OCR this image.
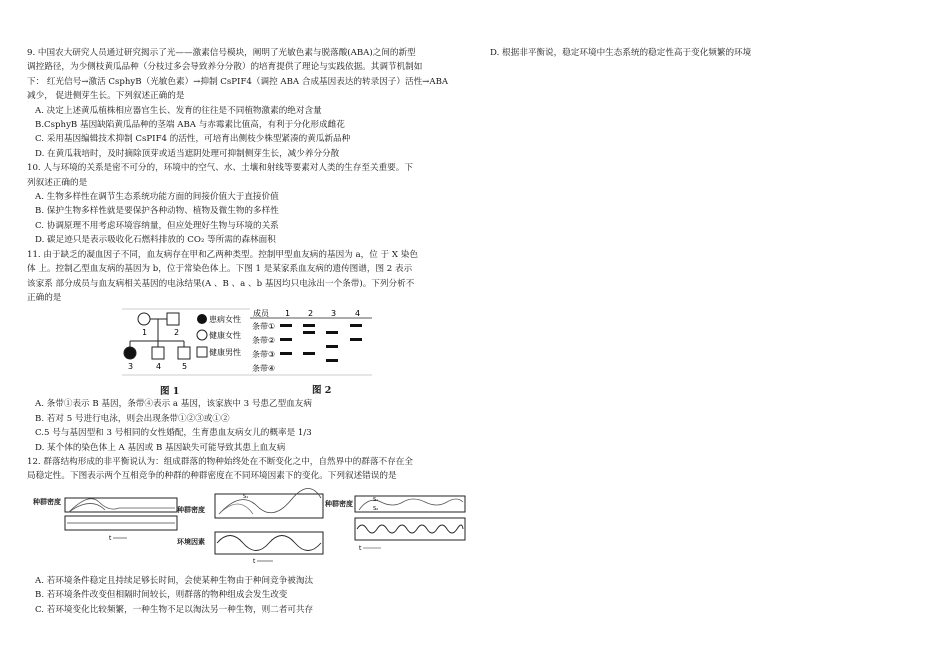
9. 中国农大研究人员通过研究揭示了光——激素信号模块，阐明了光敏色素与脱落酸(ABA)之间的新型

调控路径，为少侧枝黄瓜品种（分枝过多会导致养分分散）的培育提供了理论与实践依据。其调节机制如

下： 红光信号→激活 CsphyB（光敏色素）→抑制 CsPIF4（调控 ABA 合成基因表达的转录因子）活性→ABA

减少， 促进侧芽生长。下列叙述正确的是

A. 决定上述黄瓜植株相应器官生长、发育的往往是不同植物激素的绝对含量

B.CsphyB 基因缺陷黄瓜品种的茎端 ABA 与赤霉素比值高，有利于分化形成雌花

C. 采用基因编辑技术抑制 CsPIF4 的活性，可培育出侧枝少株型紧凑的黄瓜新品种

D. 在黄瓜栽培时，及时摘除顶芽或适当遮阴处理可抑制侧芽生长，减少养分分散

10. 人与环境的关系是密不可分的，环境中的空气、水、土壤和射线等要素对人类的生存至关重要。下

列叙述正确的是

A. 生物多样性在调节生态系统功能方面的间接价值大于直接价值

B. 保护生物多样性就是要保护各种动物、植物及微生物的多样性

C. 协调原理不用考虑环境容纳量，但应处理好生物与环境的关系

D. 碳足迹只是表示吸收化石燃料排放的 CO₂ 等所需的森林面积

11. 由于缺乏的凝血因子不同，血友病存在甲和乙两种类型。控制甲型血友病的基因为 a，位 于 X 染色

体 上。控制乙型血友病的基因为 b，位于常染色体上。下图 1 是某家系血友病的遗传图谱，图 2 表示

该家系 部分成员与血友病相关基因的电泳结果(A 、B 、a 、b 基因均只电泳出一个条带)。下列分析不

正确的是

1	2
3	4	5
患病女性
健康女性
健康男性
成员 1 2 3 4
条带①
条带②
条带③
条带④
图 1	图 2

A. 条带①表示 B 基因，条带④表示 a 基因，该家族中 3 号患乙型血友病

B. 若对 5 号进行电泳，则会出现条带①②③或①②

C.5 号与基因型和 3 号相同的女性婚配，生育患血友病女儿的概率是 1/3

D. 某个体的染色体上 A 基因或 B 基因缺失可能导致其患上血友病

12. 群落结构形成的非平衡说认为：组成群落的物种始终处在不断变化之中，自然界中的群落不存在全

局稳定性。下图表示两个互相竞争的种群的种群密度在不同环境因素下的变化。下列叙述错误的是

种群密度
种群密度
环境因素
种群密度
t
S₁
t
S₁
S₂
t

A. 若环境条件稳定且持续足够长时间，会使某种生物由于种间竞争被淘汰

B. 若环境条件改变但相隔时间较长，则群落的物种组成会发生改变

C. 若环境变化比较频繁，一种生物不足以淘汰另一种生物，则二者可共存

D. 根据非平衡说，稳定环境中生态系统的稳定性高于变化频繁的环境
